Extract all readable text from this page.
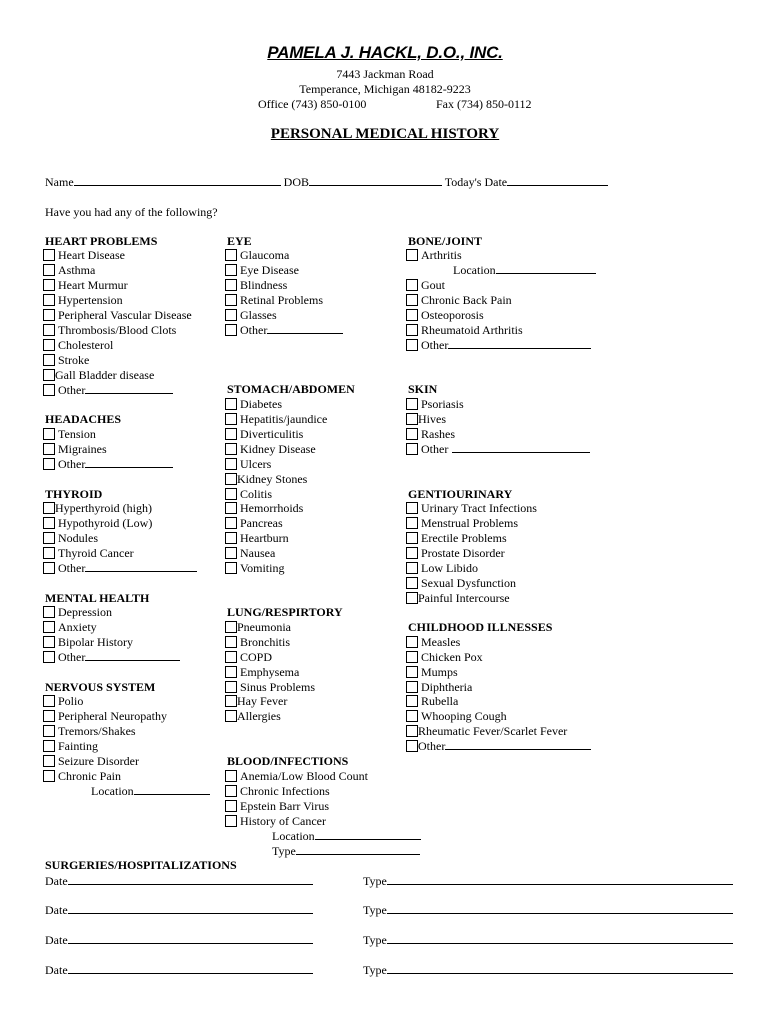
PAMELA J. HACKL, D.O., INC.
7443 Jackman Road
Temperance, Michigan 48182-9223
Office (743) 850-0100	Fax (734) 850-0112
PERSONAL MEDICAL HISTORY
Name	DOB	Today's Date
Have you had any of the following?
HEART PROBLEMS
Heart Disease
Asthma
Heart Murmur
Hypertension
Peripheral Vascular Disease
Thrombosis/Blood Clots
Cholesterol
Stroke
Gall Bladder disease
Other
HEADACHES
Tension
Migraines
Other
THYROID
Hyperthyroid (high)
Hypothyroid (Low)
Nodules
Thyroid Cancer
Other
MENTAL HEALTH
Depression
Anxiety
Bipolar History
Other
NERVOUS SYSTEM
Polio
Peripheral Neuropathy
Tremors/Shakes
Fainting
Seizure Disorder
Chronic Pain
Location
EYE
Glaucoma
Eye Disease
Blindness
Retinal Problems
Glasses
Other
STOMACH/ABDOMEN
Diabetes
Hepatitis/jaundice
Diverticulitis
Kidney Disease
Ulcers
Kidney Stones
Colitis
Hemorrhoids
Pancreas
Heartburn
Nausea
Vomiting
LUNG/RESPIRTORY
Pneumonia
Bronchitis
COPD
Emphysema
Sinus Problems
Hay Fever
Allergies
BLOOD/INFECTIONS
Anemia/Low Blood Count
Chronic Infections
Epstein Barr Virus
History of Cancer
Location
Type
BONE/JOINT
Arthritis
Location
Gout
Chronic Back Pain
Osteoporosis
Rheumatoid Arthritis
Other
SKIN
Psoriasis
Hives
Rashes
Other
GENTIOURINARY
Urinary Tract Infections
Menstrual Problems
Erectile Problems
Prostate Disorder
Low Libido
Sexual Dysfunction
Painful Intercourse
CHILDHOOD ILLNESSES
Measles
Chicken Pox
Mumps
Diphtheria
Rubella
Whooping Cough
Rheumatic Fever/Scarlet Fever
Other
SURGERIES/HOSPITALIZATIONS
Date	Type
Date	Type
Date	Type
Date	Type
